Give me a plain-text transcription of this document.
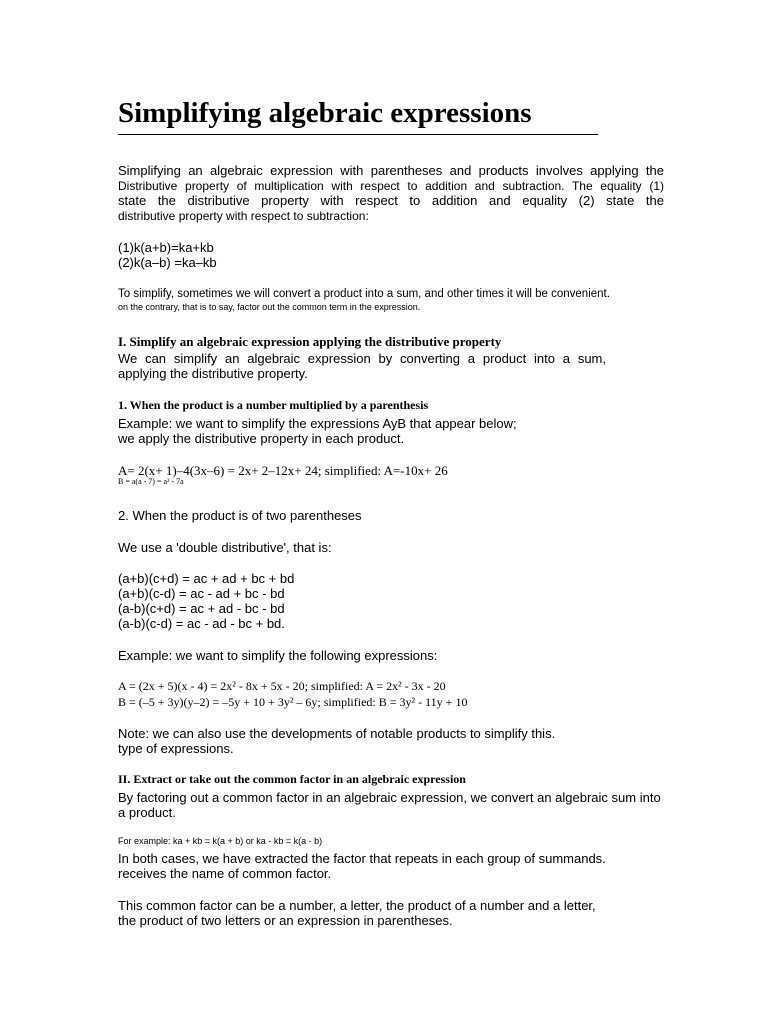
Simplifying algebraic expressions

Simplifying an algebraic expression with parentheses and products involves applying the

Distributive property of multiplication with respect to addition and subtraction. The equality (1)

state the distributive property with respect to addition and equality (2) state the

distributive property with respect to subtraction:

(1)k(a+b)=ka+kb

(2)k(a–b) =ka–kb

To simplify, sometimes we will convert a product into a sum, and other times it will be convenient.

on the contrary, that is to say, factor out the common term in the expression.

I. Simplify an algebraic expression applying the distributive property

We can simplify an algebraic expression by converting a product into a sum,

applying the distributive property.

1. When the product is a number multiplied by a parenthesis

Example: we want to simplify the expressions AyB that appear below;

we apply the distributive property in each product.

A= 2(x+ 1)–4(3x–6) = 2x+ 2–12x+ 24; simplified: A=-10x+ 26

B = a(a - 7) = a² - 7a

2. When the product is of two parentheses

We use a 'double distributive', that is:

(a+b)(c+d) = ac + ad + bc + bd

(a+b)(c-d) = ac - ad + bc - bd

(a-b)(c+d) = ac + ad - bc - bd

(a-b)(c-d) = ac - ad - bc + bd.

Example: we want to simplify the following expressions:

A = (2x + 5)(x - 4) = 2x² - 8x + 5x - 20; simplified: A = 2x² - 3x - 20

B = (–5 + 3y)(y–2) = –5y + 10 + 3y² – 6y; simplified: B = 3y² - 11y + 10

Note: we can also use the developments of notable products to simplify this.

type of expressions.

II. Extract or take out the common factor in an algebraic expression

By factoring out a common factor in an algebraic expression, we convert an algebraic sum into

a product.

For example: ka + kb = k(a + b) or ka - kb = k(a - b)

In both cases, we have extracted the factor that repeats in each group of summands.

receives the name of common factor.

This common factor can be a number, a letter, the product of a number and a letter,

the product of two letters or an expression in parentheses.
